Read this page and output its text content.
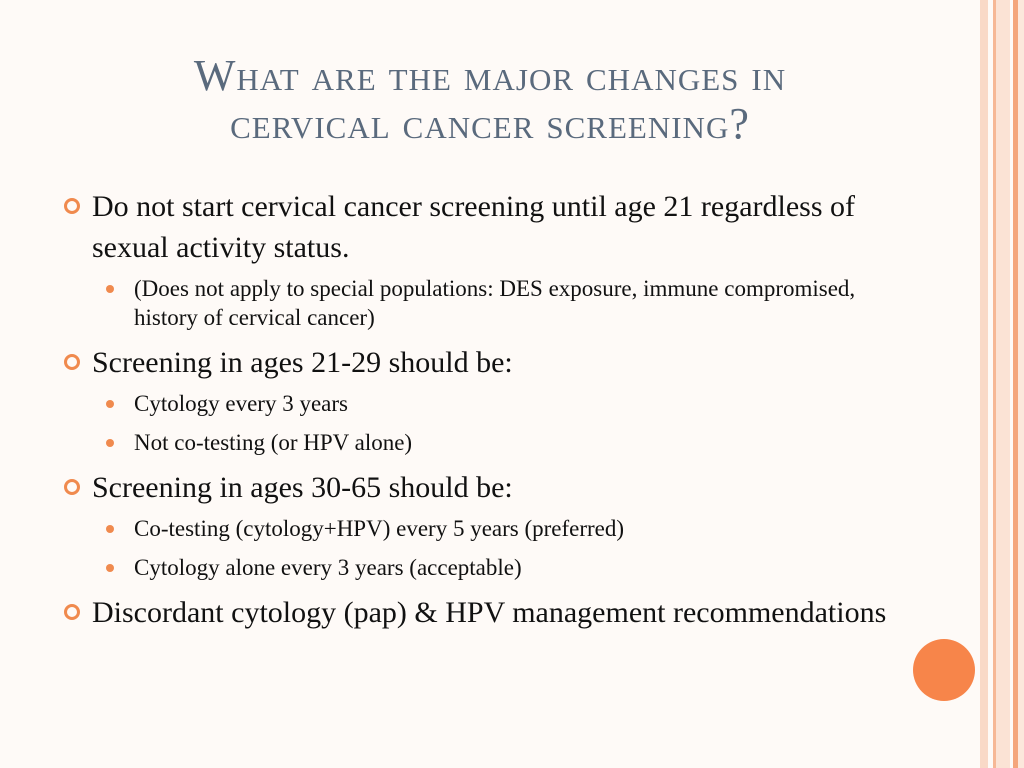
What are the major changes in
cervical cancer screening?
Do not start cervical cancer screening until age 21 regardless of sexual activity status.
(Does not apply to special populations: DES exposure, immune compromised, history of cervical cancer)
Screening in ages 21-29 should be:
Cytology every 3 years
Not co-testing (or HPV alone)
Screening in ages 30-65 should be:
Co-testing (cytology+HPV) every 5 years (preferred)
Cytology alone every 3 years (acceptable)
Discordant cytology (pap) & HPV management recommendations
